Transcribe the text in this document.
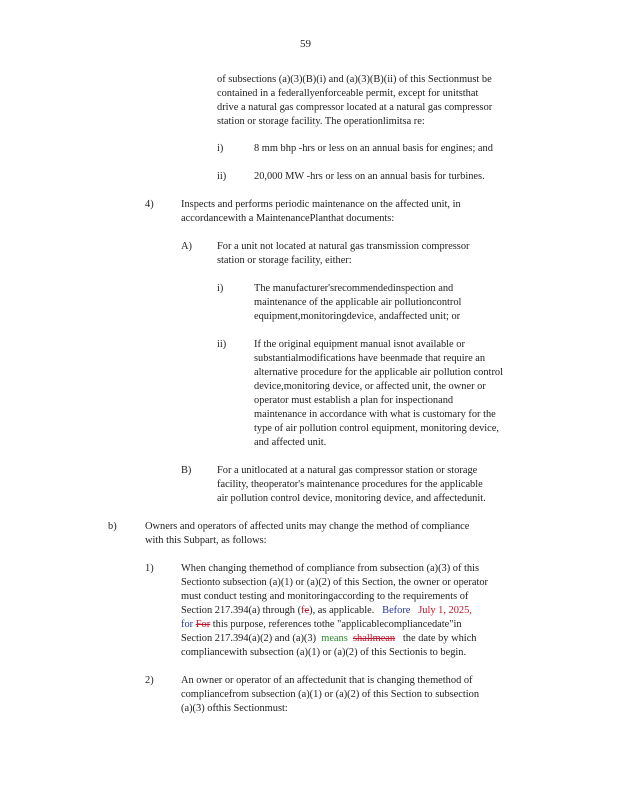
59
of subsections (a)(3)(B)(i) and (a)(3)(B)(ii) of this Sectionmust be
contained in a federallyenforceable permit, except for unitsthat
drive a natural gas compressor located at a natural gas compressor
station or storage facility. The operationlimitsa re:
i)	8 mm bhp -hrs or less on an annual basis for engines; and
ii)	20,000 MW -hrs or less on an annual basis for turbines.
4)	Inspects and performs periodic maintenance on the affected unit, in
accordancewith a MaintenancePlanthat documents:
A) For a unit not located at natural gas transmission compressor
station or storage facility, either:
i)	The manufacturer'srecommendedinspection and
maintenance of the applicable air pollutioncontrol
equipment,monitoringdevice, andaffected unit; or
ii)	If the original equipment manual isnot available or
substantialmodifications have beenmade that require an
alternative procedure for the applicable air pollution control
device,monitoring device, or affected unit, the owner or
operator must establish a plan for inspectionand
maintenance in accordance with what is customary for the
type of air pollution control equipment, monitoring device,
and affected unit.
B) For a unitlocated at a natural gas compressor station or storage
facility, theoperator's maintenance procedures for the applicable
air pollution control device, monitoring device, and affectedunit.
b)	Owners and operators of affected units may change the method of compliance
with this Subpart, as follows:
1)	When changing themethod of compliance from subsection (a)(3) of this
Sectionto subsection (a)(1) or (a)(2) of this Section, the owner or operator
must conduct testing and monitoringaccording to the requirements of
Section 217.394(a) through (fe), as applicable. Before July 1, 2025,
for For this purpose, references tothe "applicablecompliancedate"in
Section 217.394(a)(2) and (a)(3) means shallmean the date by which
compliancewith subsection (a)(1) or (a)(2) of this Sectionis to begin.
2)	An owner or operator of an affectedunit that is changing themethod of
compliancefrom subsection (a)(1) or (a)(2) of this Section to subsection
(a)(3) ofthis Sectionmust:
